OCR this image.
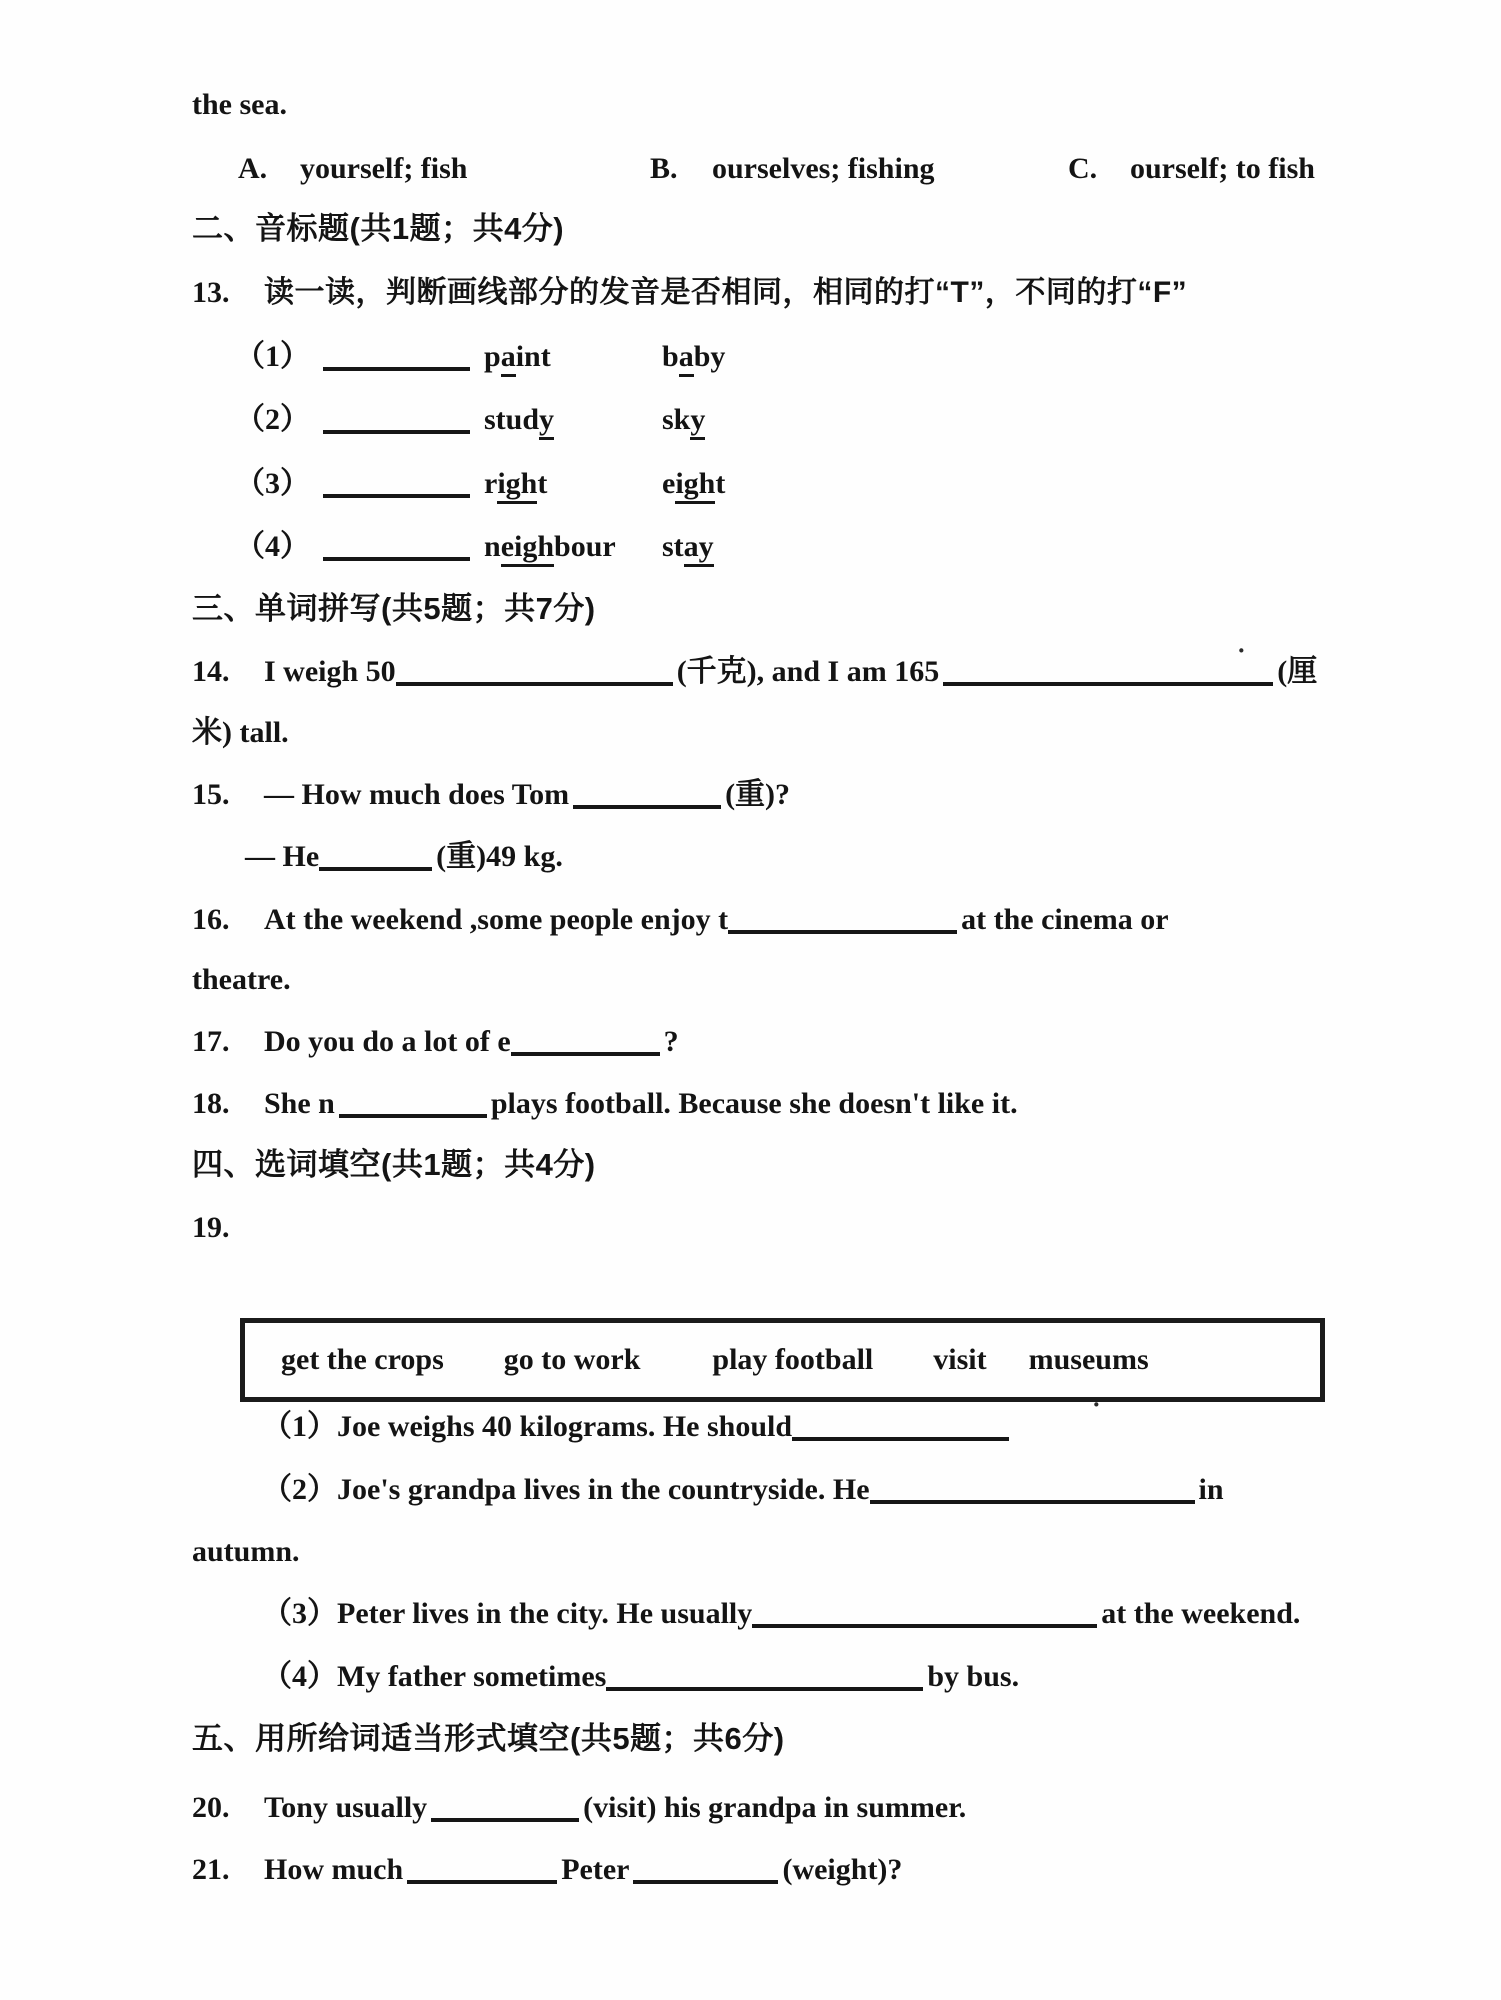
the sea.
A. yourself; fish	B. ourselves; fishing	C. ourself; to fish
二、音标题(共1题；共4分)
13. 读一读，判断画线部分的发音是否相同，相同的打“T”，不同的打“F”
（1）	paint	baby
（2）	study	sky
（3）	right	eight
（4）	neighbour stay
三、单词拼写(共5题；共7分)
14. I weigh 50	(千克), and I am 165	(厘
米) tall.
15. — How much does Tom	(重)?
— He	(重)49 kg.
16. At the weekend ,some people enjoy t	at the cinema or
theatre.
17. Do you do a lot of e	?
18. She n	plays football. Because she doesn't like it.
四、选词填空(共1题；共4分)
19.
get the crops go to work play football visit museums
（1）Joe weighs 40 kilograms. He should
（2）Joe's grandpa lives in the countryside. He	in
autumn.
（3）Peter lives in the city. He usually	at the weekend.
（4）My father sometimes	by bus.
五、用所给词适当形式填空(共5题；共6分)
20. Tony usually	(visit) his grandpa in summer.
21. How much	Peter	(weight)?
·
·
